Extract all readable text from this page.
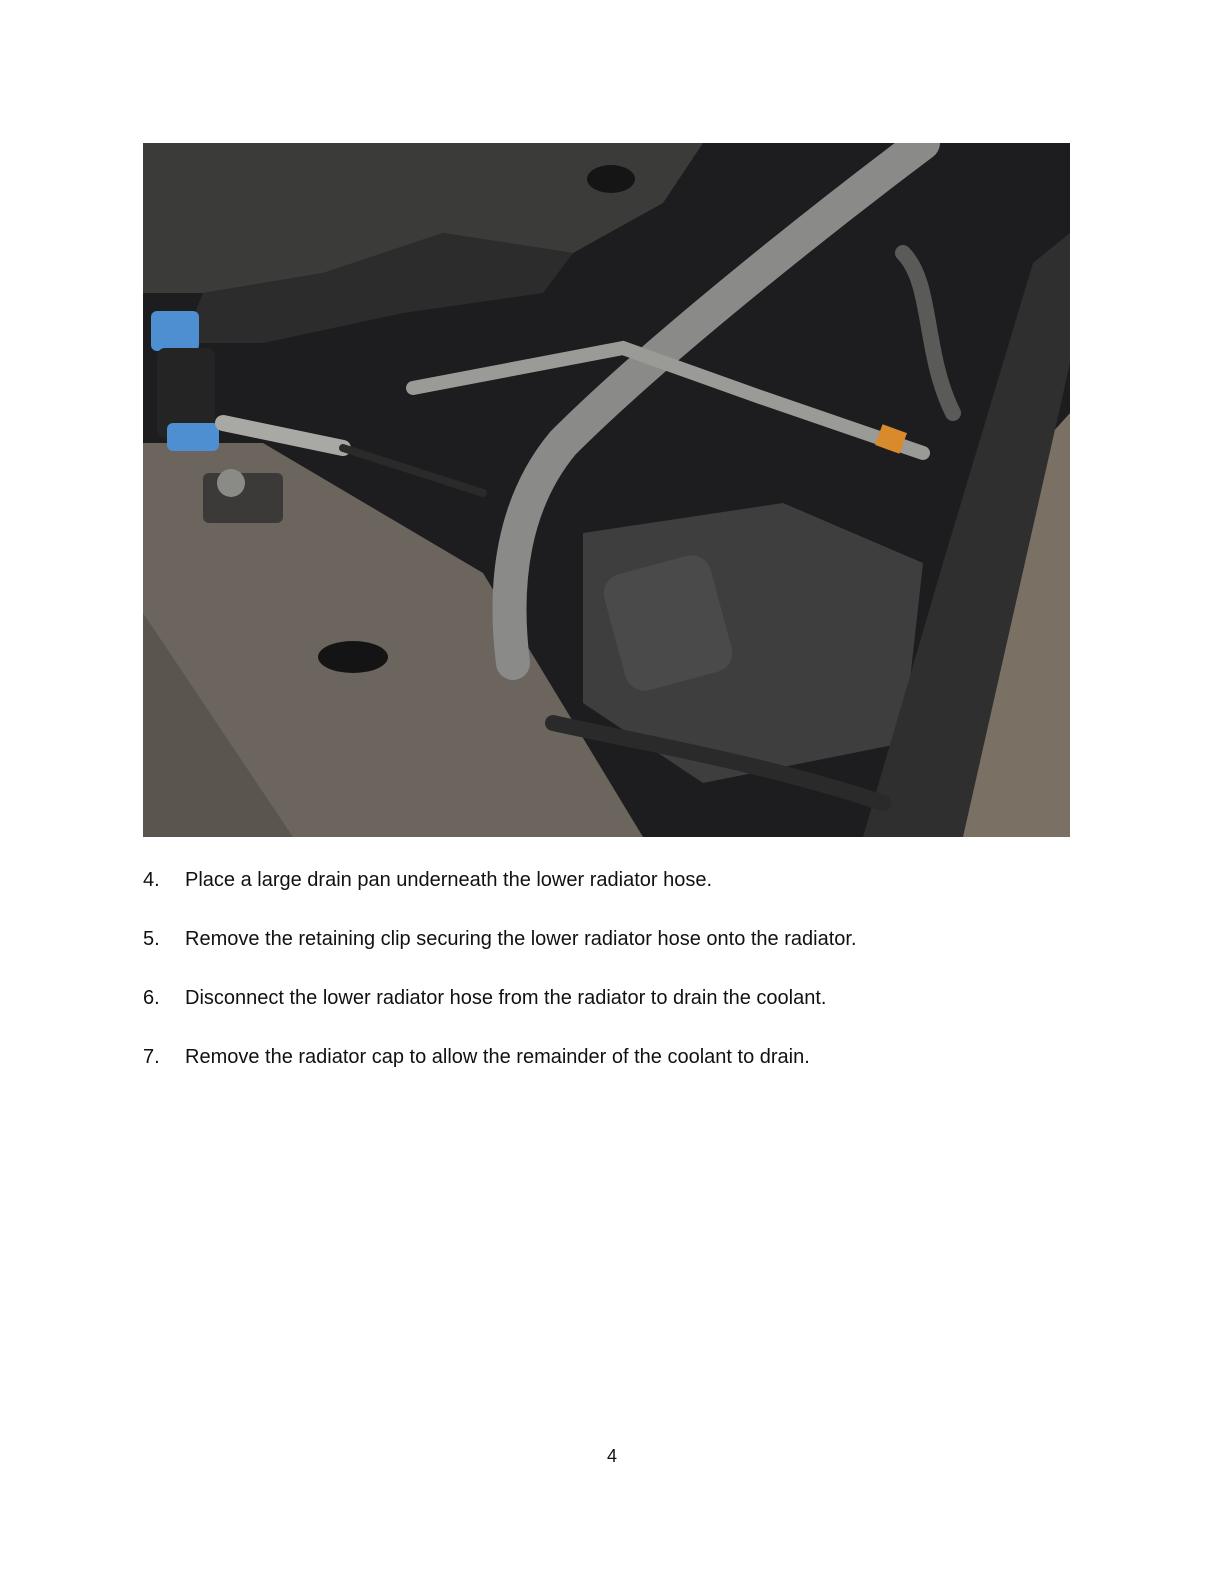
4. Place a large drain pan underneath the lower radiator hose.
5. Remove the retaining clip securing the lower radiator hose onto the radiator.
6. Disconnect the lower radiator hose from the radiator to drain the coolant.
7. Remove the radiator cap to allow the remainder of the coolant to drain.
4
